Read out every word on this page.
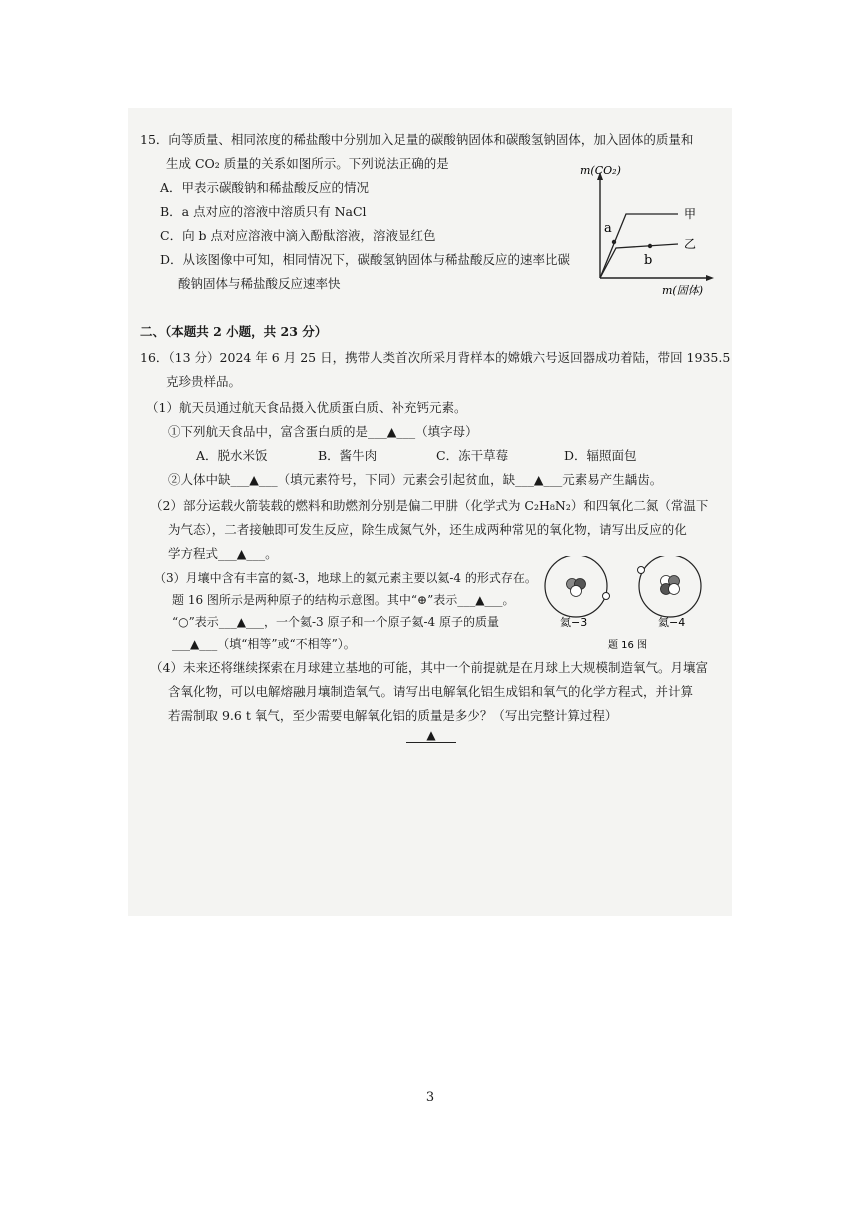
15．向等质量、相同浓度的稀盐酸中分别加入足量的碳酸钠固体和碳酸氢钠固体，加入固体的质量和
生成 CO₂ 质量的关系如图所示。下列说法正确的是
A．甲表示碳酸钠和稀盐酸反应的情况
B．a 点对应的溶液中溶质只有 NaCl
C．向 b 点对应溶液中滴入酚酞溶液，溶液显红色
D．从该图像中可知，相同情况下，碳酸氢钠固体与稀盐酸反应的速率比碳
酸钠固体与稀盐酸反应速率快
m(CO₂)
m(固体)
甲
乙
a
b
二、（本题共 2 小题，共 23 分）
16．（13 分）2024 年 6 月 25 日，携带人类首次所采月背样本的嫦娥六号返回器成功着陆，带回 1935.5
克珍贵样品。
（1）航天员通过航天食品摄入优质蛋白质、补充钙元素。
①下列航天食品中，富含蛋白质的是___▲___（填字母）
A．脱水米饭	B．酱牛肉	C．冻干草莓	D．辐照面包
②人体中缺___▲___（填元素符号，下同）元素会引起贫血，缺___▲___元素易产生龋齿。
（2）部分运载火箭装载的燃料和助燃剂分别是偏二甲肼（化学式为 C₂H₈N₂）和四氧化二氮（常温下
为气态），二者接触即可发生反应，除生成氮气外，还生成两种常见的氧化物，请写出反应的化
学方程式___▲___。
（3）月壤中含有丰富的氦-3，地球上的氦元素主要以氦-4 的形式存在。
题 16 图所示是两种原子的结构示意图。其中“⊕”表示___▲___。
“○”表示___▲___，一个氦-3 原子和一个原子氦-4 原子的质量
___▲___（填“相等”或“不相等”）。
氦−3	氦−4
题 16 图
（4）未来还将继续探索在月球建立基地的可能，其中一个前提就是在月球上大规模制造氧气。月壤富
含氧化物，可以电解熔融月壤制造氧气。请写出电解氧化铝生成铝和氧气的化学方程式，并计算
若需制取 9.6 t 氧气，至少需要电解氧化铝的质量是多少？（写出完整计算过程）
▲
3
